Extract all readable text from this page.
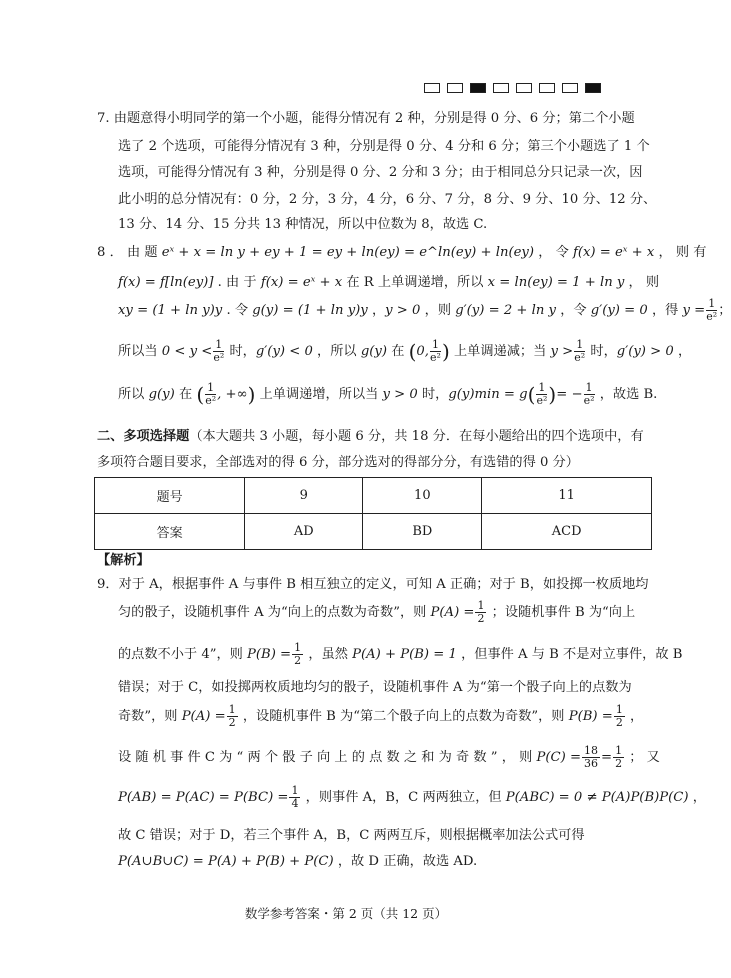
7. 由题意得小明同学的第一个小题，能得分情况有 2 种，分别是得 0 分、6 分；第二个小题
选了 2 个选项，可能得分情况有 3 种，分别是得 0 分、4 分和 6 分；第三个小题选了 1 个
选项，可能得分情况有 3 种，分别是得 0 分、2 分和 3 分；由于相同总分只记录一次，因
此小明的总分情况有：0 分，2 分，3 分，4 分，6 分、7 分，8 分、9 分、10 分、12 分、
13 分、14 分、15 分共 13 种情况，所以中位数为 8，故选 C.
8 ． 由 题 eˣ + x = ln y + ey + 1 = ey + ln(ey) = e^ln(ey) + ln(ey) ， 令 f(x) = eˣ + x ， 则 有
f(x) = f[ln(ey)] . 由 于 f(x) = eˣ + x 在 R 上单调递增，所以 x = ln(ey) = 1 + ln y ， 则
xy = (1 + ln y)y . 令 g(y) = (1 + ln y)y ，y > 0 ，则 g′(y) = 2 + ln y ，令 g′(y) = 0 ，得 $y = \frac{1}{\text{e²}}$ ；
所以当 $0 < y < \frac{1}{\text{e²}}$ 时，g′(y) < 0 ，所以 g(y) 在 (0, $\frac{1}{\text{e²}}$ ) 上单调递减；当 $y > \frac{1}{\text{e²}}$ 时，g′(y) > 0 ，
所以 g(y) 在 ( $\frac{1}{\text{e²}}$ , +∞) 上单调递增，所以当 y > 0 时，$g(y)\min = g( \frac{1}{\text{e²}}$ )= − $\frac{1}{\text{e²}}$ ，故选 B.
二、多项选择题（本大题共 3 小题，每小题 6 分，共 18 分．在每小题给出的四个选项中，有
多项符合题目要求，全部选对的得 6 分，部分选对的得部分分，有选错的得 0 分）
题号	9	10	11
答案	AD	BD	ACD
【解析】
9．对于 A，根据事件 A 与事件 B 相互独立的定义，可知 A 正确；对于 B，如投掷一枚质地均
匀的骰子，设随机事件 A 为“向上的点数为奇数”，则 $P(A) = \frac{1}{2}$ ；设随机事件 B 为“向上
的点数不小于 4”，则 $P(B) = \frac{1}{2}$ ，虽然 P(A) + P(B) = 1 ，但事件 A 与 B 不是对立事件，故 B
错误；对于 C，如投掷两枚质地均匀的骰子，设随机事件 A 为“第一个骰子向上的点数为
奇数”，则 $P(A) = \frac{1}{2}$ ，设随机事件 B 为“第二个骰子向上的点数为奇数”，则 $P(B) = \frac{1}{2}$ ，
设 随 机 事 件 C 为 “ 两 个 骰 子 向 上 的 点 数 之 和 为 奇 数 ” ， 则 $P(C) = \frac{18}{36} = \frac{1}{2}$ ； 又
$P(AB) = P(AC) = P(BC) = \frac{1}{4}$ ，则事件 A，B，C 两两独立，但 P(ABC) = 0 ≠ P(A)P(B)P(C) ，
故 C 错误；对于 D，若三个事件 A，B，C 两两互斥，则根据概率加法公式可得
P(A∪B∪C) = P(A) + P(B) + P(C) ，故 D 正确，故选 AD.
数学参考答案・第 2 页（共 12 页）
